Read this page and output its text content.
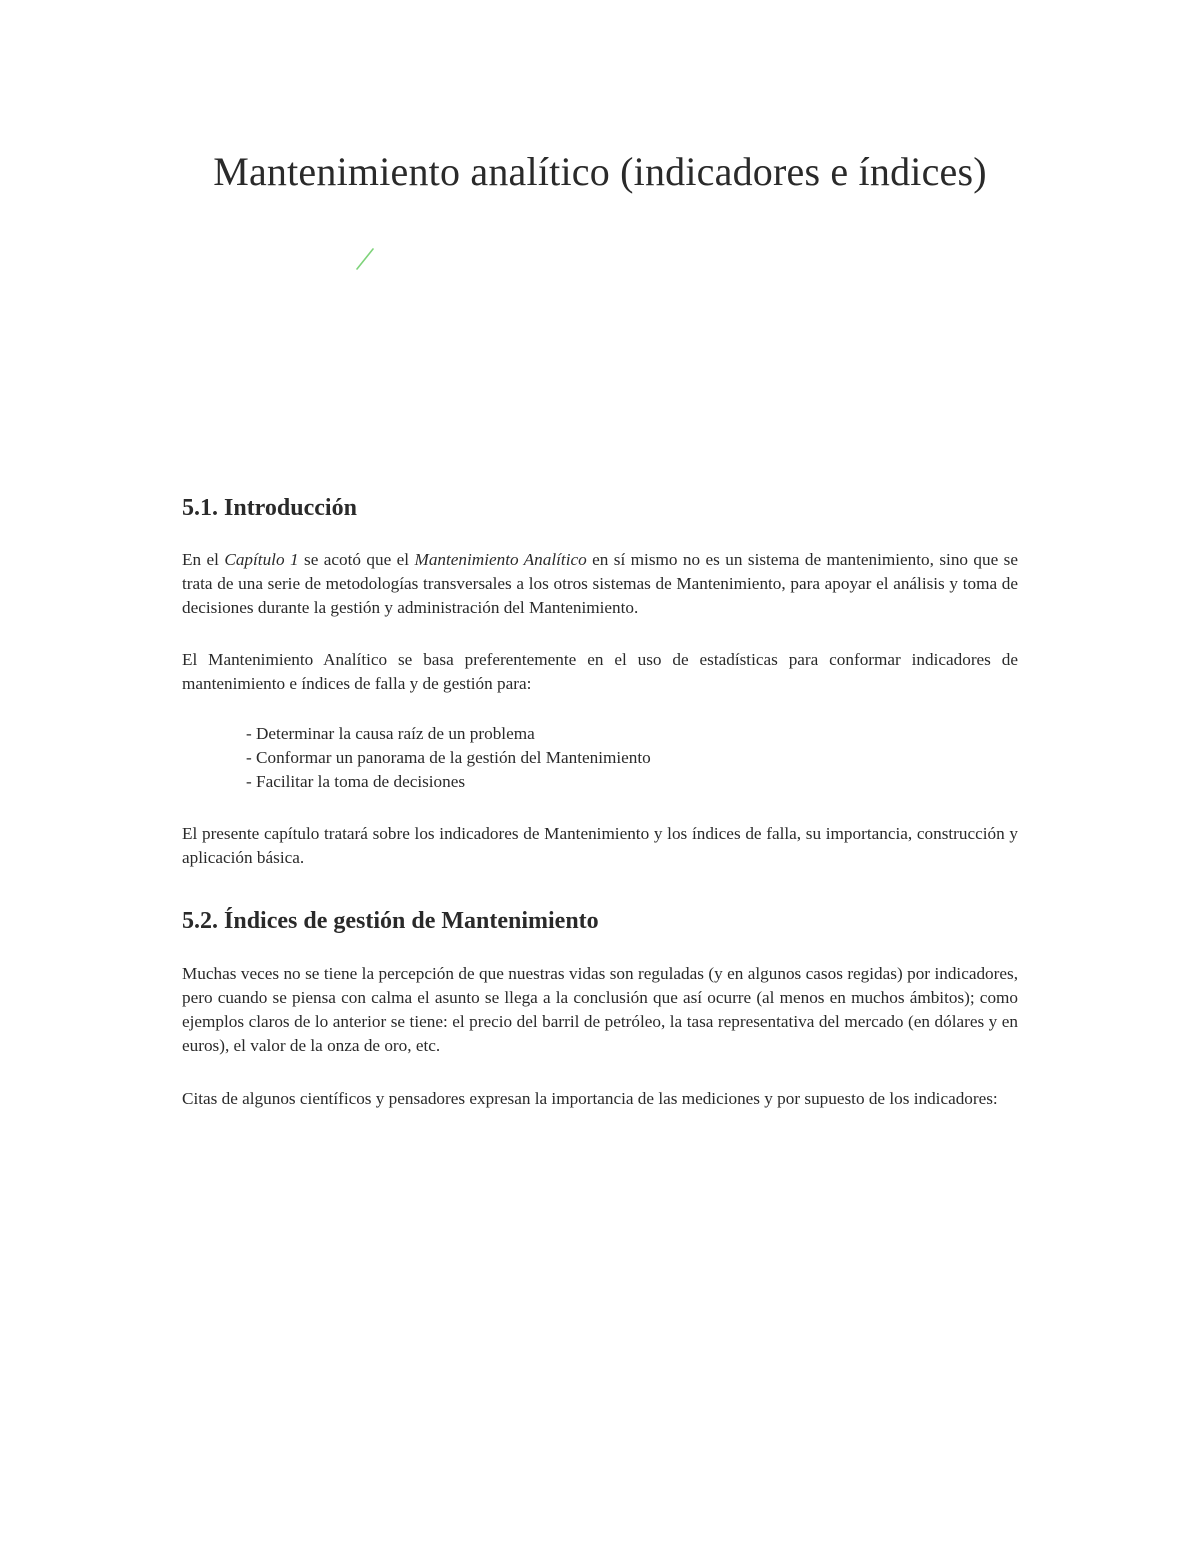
Mantenimiento analítico (indicadores e índices)
5.1. Introducción

En el Capítulo 1 se acotó que el Mantenimiento Analítico en sí mismo no es un sistema de mantenimiento, sino que se trata de una serie de metodologías transversales a los otros sistemas de Mantenimiento, para apoyar el análisis y toma de decisiones durante la gestión y administración del Mantenimiento.

El Mantenimiento Analítico se basa preferentemente en el uso de estadísticas para conformar indicadores de mantenimiento e índices de falla y de gestión para:

- Determinar la causa raíz de un problema
- Conformar un panorama de la gestión del Mantenimiento
- Facilitar la toma de decisiones

El presente capítulo tratará sobre los indicadores de Mantenimiento y los índices de falla, su importancia, construcción y aplicación básica.

5.2. Índices de gestión de Mantenimiento

Muchas veces no se tiene la percepción de que nuestras vidas son reguladas (y en algunos casos regidas) por indicadores, pero cuando se piensa con calma el asunto se llega a la conclusión que así ocurre (al menos en muchos ámbitos); como ejemplos claros de lo anterior se tiene: el precio del barril de petróleo, la tasa representativa del mercado (en dólares y en euros), el valor de la onza de oro, etc.

Citas de algunos científicos y pensadores expresan la importancia de las mediciones y por supuesto de los indicadores:
